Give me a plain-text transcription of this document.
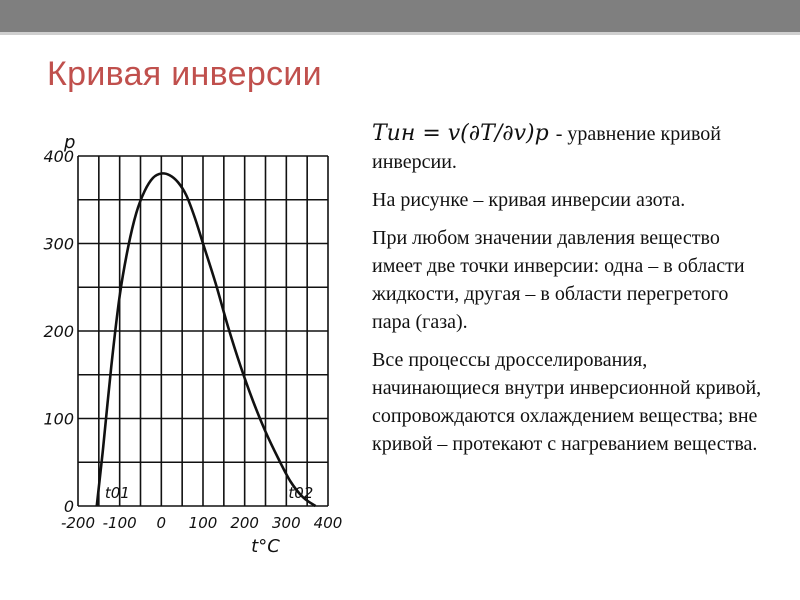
Кривая инверсии
-200 -100 0 100 200 300 400
0
100
200
300
400
p
t°C
t01	t02
Tин = v(∂T/∂v)p - уравнение кривой инверсии.
На рисунке – кривая инверсии азота.
При любом значении давления вещество имеет две точки инверсии: одна – в области жидкости, другая – в области перегретого пара (газа).
Все процессы дросселирования, начинающиеся внутри инверсионной кривой, сопровождаются охлаждением вещества; вне кривой – протекают с нагреванием вещества.
